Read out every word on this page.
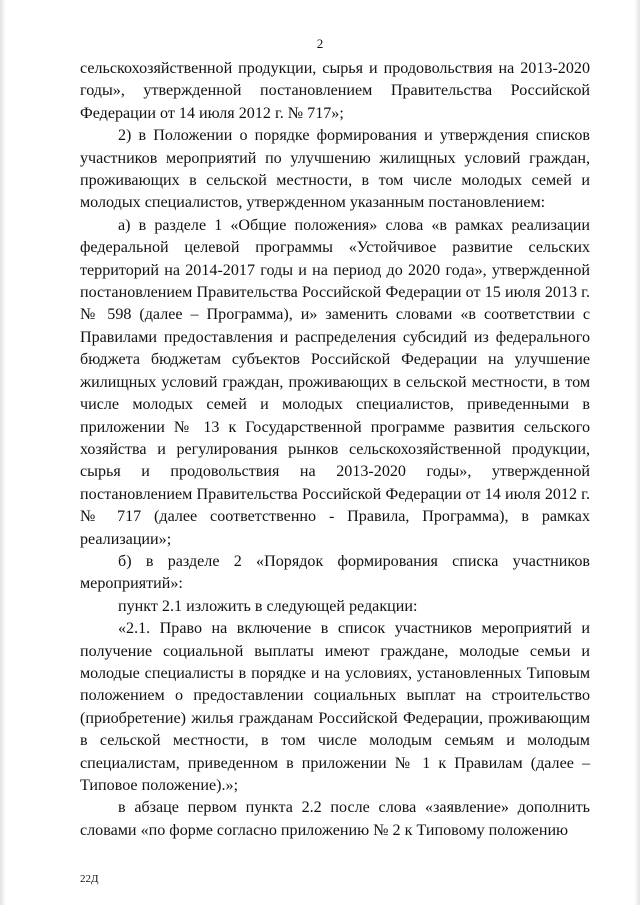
2

сельскохозяйственной продукции, сырья и продовольствия на 2013-2020 годы», утвержденной постановлением Правительства Российской Федерации от 14 июля 2012 г. № 717»;

2) в Положении о порядке формирования и утверждения списков участников мероприятий по улучшению жилищных условий граждан, проживающих в сельской местности, в том числе молодых семей и молодых специалистов, утвержденном указанным постановлением:

а) в разделе 1 «Общие положения» слова «в рамках реализации федеральной целевой программы «Устойчивое развитие сельских территорий на 2014-2017 годы и на период до 2020 года», утвержденной постановлением Правительства Российской Федерации от 15 июля 2013 г. № 598 (далее – Программа), и» заменить словами «в соответствии с Правилами предоставления и распределения субсидий из федерального бюджета бюджетам субъектов Российской Федерации на улучшение жилищных условий граждан, проживающих в сельской местности, в том числе молодых семей и молодых специалистов, приведенными в приложении № 13 к Государственной программе развития сельского хозяйства и регулирования рынков сельскохозяйственной продукции, сырья и продовольствия на 2013-2020 годы», утвержденной постановлением Правительства Российской Федерации от 14 июля 2012 г. № 717 (далее соответственно - Правила, Программа), в рамках реализации»;

б) в разделе 2 «Порядок формирования списка участников мероприятий»:

пункт 2.1 изложить в следующей редакции:

«2.1. Право на включение в список участников мероприятий и получение социальной выплаты имеют граждане, молодые семьи и молодые специалисты в порядке и на условиях, установленных Типовым положением о предоставлении социальных выплат на строительство (приобретение) жилья гражданам Российской Федерации, проживающим в сельской местности, в том числе молодым семьям и молодым специалистам, приведенном в приложении № 1 к Правилам (далее – Типовое положение).»;

в абзаце первом пункта 2.2 после слова «заявление» дополнить словами «по форме согласно приложению № 2 к Типовому положению

22Д
